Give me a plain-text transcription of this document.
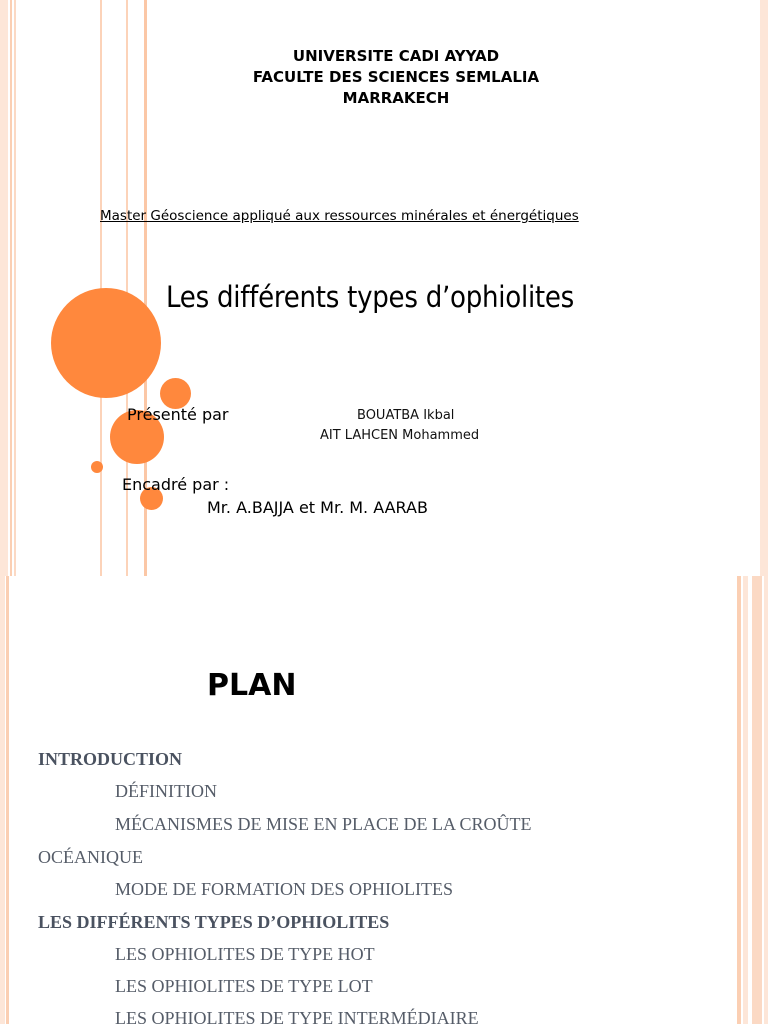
UNIVERSITE CADI AYYAD
FACULTE DES SCIENCES SEMLALIA
MARRAKECH
Master Géoscience appliqué aux ressources minérales et énergétiques
Les différents types d’ophiolites
Présenté par	BOUATBA Ikbal
AIT LAHCEN Mohammed
Encadré par :
Mr. A.BAJJA et Mr. M. AARAB
PLAN
INTRODUCTION
DÉFINITION
MÉCANISMES DE MISE EN PLACE DE LA CROÛTE
OCÉANIQUE
MODE DE FORMATION DES OPHIOLITES
LES DIFFÉRENTS TYPES D’OPHIOLITES
LES OPHIOLITES DE TYPE HOT
LES OPHIOLITES DE TYPE LOT
LES OPHIOLITES DE TYPE INTERMÉDIAIRE
